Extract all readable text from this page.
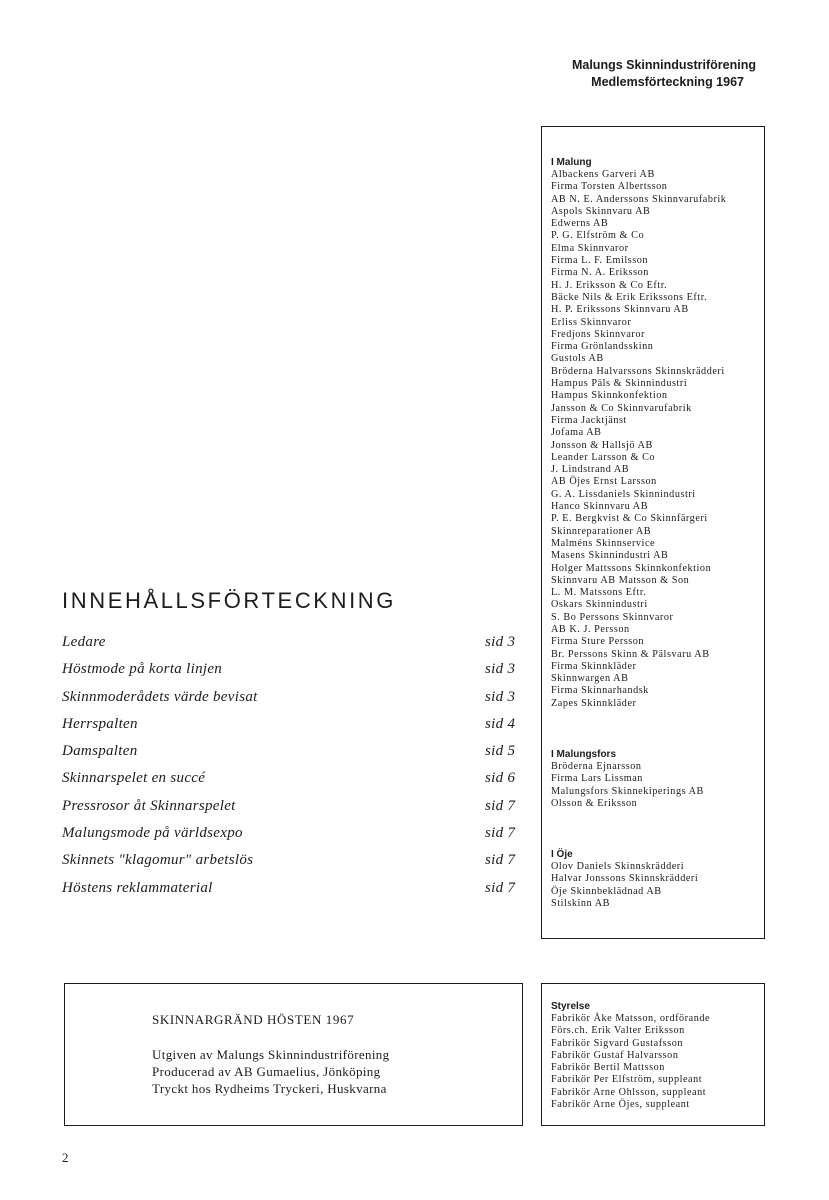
Malungs Skinnindustriförening
Medlemsförteckning 1967
I Malung
Albackens Garveri AB
Firma Torsten Albertsson
AB N. E. Anderssons Skinnvarufabrik
Aspols Skinnvaru AB
Edwerns AB
P. G. Elfström & Co
Elma Skinnvaror
Firma L. F. Emilsson
Firma N. A. Eriksson
H. J. Eriksson & Co Eftr.
Bäcke Nils & Erik Erikssons Eftr.
H. P. Erikssons Skinnvaru AB
Erliss Skinnvaror
Fredjons Skinnvaror
Firma Grönlandsskinn
Gustols AB
Bröderna Halvarssons Skinnskrädderi
Hampus Päls & Skinnindustri
Hampus Skinnkonfektion
Jansson & Co Skinnvarufabrik
Firma Jacktjänst
Jofama AB
Jonsson & Hallsjö AB
Leander Larsson & Co
J. Lindstrand AB
AB Öjes Ernst Larsson
G. A. Lissdaniels Skinnindustri
Hanco Skinnvaru AB
P. E. Bergkvist & Co Skinnfärgeri
Skinnreparationer AB
Malméns Skinnservice
Masens Skinnindustri AB
Holger Mattssons Skinnkonfektion
Skinnvaru AB Matsson & Son
L. M. Matssons Eftr.
Oskars Skinnindustri
S. Bo Perssons Skinnvaror
AB K. J. Persson
Firma Sture Persson
Br. Perssons Skinn & Pälsvaru AB
Firma Skinnkläder
Skinnwargen AB
Firma Skinnarhandsk
Zapes Skinnkläder
I Malungsfors
Bröderna Ejnarsson
Firma Lars Lissman
Malungsfors Skinnekiperings AB
Olsson & Eriksson
I Öje
Olov Daniels Skinnskrädderi
Halvar Jonssons Skinnskrädderi
Öje Skinnbeklädnad AB
Stilskinn AB
INNEHÅLLSFÖRTECKNING
Ledare	sid 3
Höstmode på korta linjen	sid 3
Skinnmoderådets värde bevisat	sid 3
Herrspalten	sid 4
Damspalten	sid 5
Skinnarspelet en succé	sid 6
Pressrosor åt Skinnarspelet	sid 7
Malungsmode på världsexpo	sid 7
Skinnets "klagomur" arbetslös	sid 7
Höstens reklammaterial	sid 7
SKINNARGRÄND HÖSTEN 1967
Utgiven av Malungs Skinnindustriförening
Producerad av AB Gumaelius, Jönköping
Tryckt hos Rydheims Tryckeri, Huskvarna
Styrelse
Fabrikör Åke Matsson, ordförande
Förs.ch. Erik Valter Eriksson
Fabrikör Sigvard Gustafsson
Fabrikör Gustaf Halvarsson
Fabrikör Bertil Mattsson
Fabrikör Per Elfström, suppleant
Fabrikör Arne Ohlsson, suppleant
Fabrikör Arne Öjes, suppleant
2
